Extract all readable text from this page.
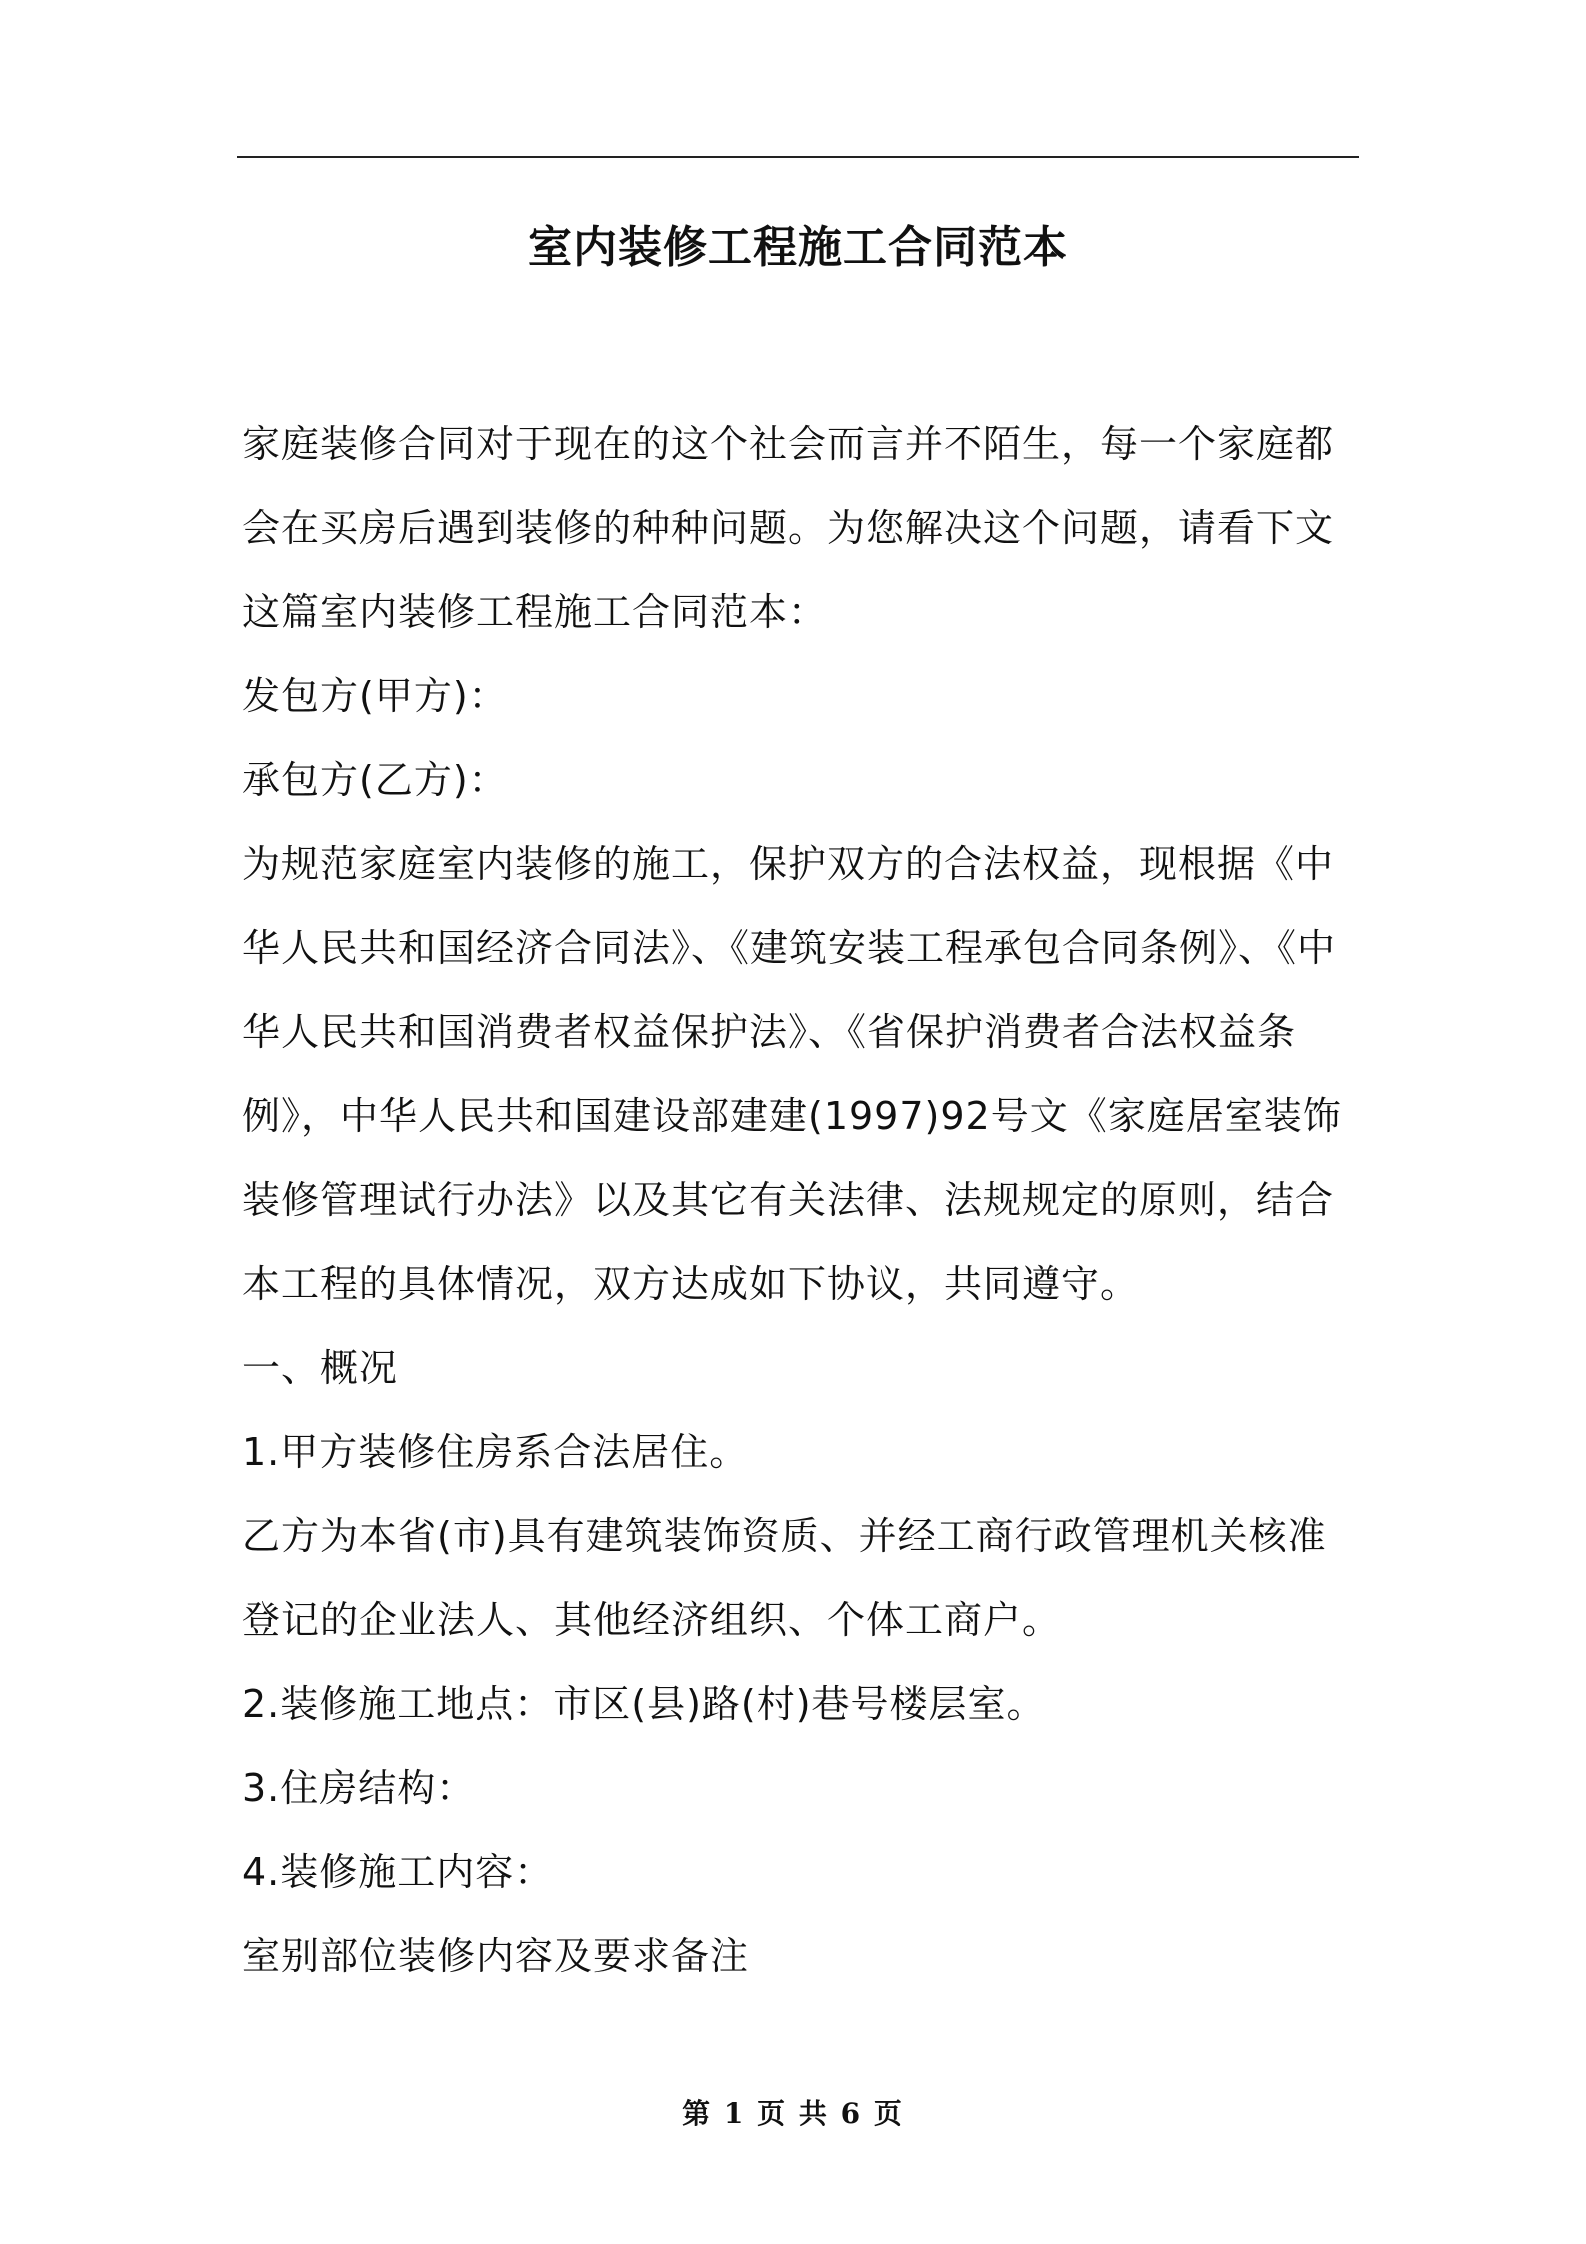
室内装修工程施工合同范本

家庭装修合同对于现在的这个社会而言并不陌生，每一个家庭都会在买房后遇到装修的种种问题。为您解决这个问题，请看下文这篇室内装修工程施工合同范本：

发包方(甲方)：

承包方(乙方)：

为规范家庭室内装修的施工，保护双方的合法权益，现根据《中华人民共和国经济合同法》、《建筑安装工程承包合同条例》、《中华人民共和国消费者权益保护法》、《省保护消费者合法权益条例》，中华人民共和国建设部建建(1997)92号文《家庭居室装饰装修管理试行办法》以及其它有关法律、法规规定的原则，结合本工程的具体情况，双方达成如下协议，共同遵守。

一、概况

1.甲方装修住房系合法居住。

乙方为本省(市)具有建筑装饰资质、并经工商行政管理机关核准登记的企业法人、其他经济组织、个体工商户。

2.装修施工地点：市区(县)路(村)巷号楼层室。

3.住房结构：

4.装修施工内容：

室别部位装修内容及要求备注

第 1 页 共 6 页
